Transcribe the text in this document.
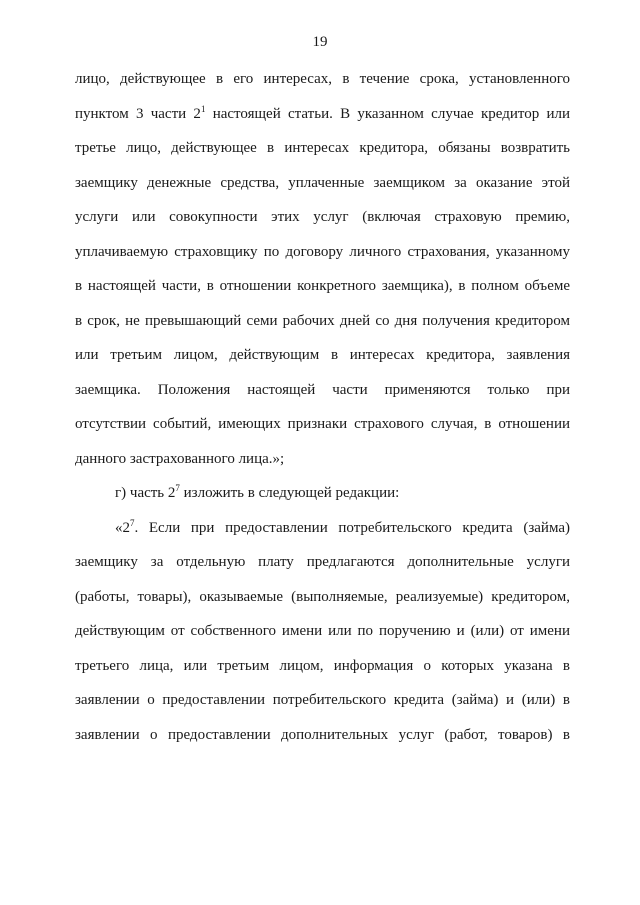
19
лицо, действующее в его интересах, в течение срока, установленного
пунктом 3 части $2^1$ настоящей статьи. В указанном случае кредитор или
третье лицо, действующее в интересах кредитора, обязаны возвратить
заемщику денежные средства, уплаченные заемщиком за оказание этой
услуги или совокупности этих услуг (включая страховую премию,
уплачиваемую страховщику по договору личного страхования, указанному
в настоящей части, в отношении конкретного заемщика), в полном объеме
в срок, не превышающий семи рабочих дней со дня получения кредитором
или третьим лицом, действующим в интересах кредитора, заявления
заемщика. Положения настоящей части применяются только при
отсутствии событий, имеющих признаки страхового случая, в отношении
данного застрахованного лица.»;
г) часть $2^7$ изложить в следующей редакции:
«$2^7$. Если при предоставлении потребительского кредита (займа)
заемщику за отдельную плату предлагаются дополнительные услуги
(работы, товары), оказываемые (выполняемые, реализуемые) кредитором,
действующим от собственного имени или по поручению и (или) от имени
третьего лица, или третьим лицом, информация о которых указана в
заявлении о предоставлении потребительского кредита (займа) и (или) в
заявлении о предоставлении дополнительных услуг (работ, товаров) в
